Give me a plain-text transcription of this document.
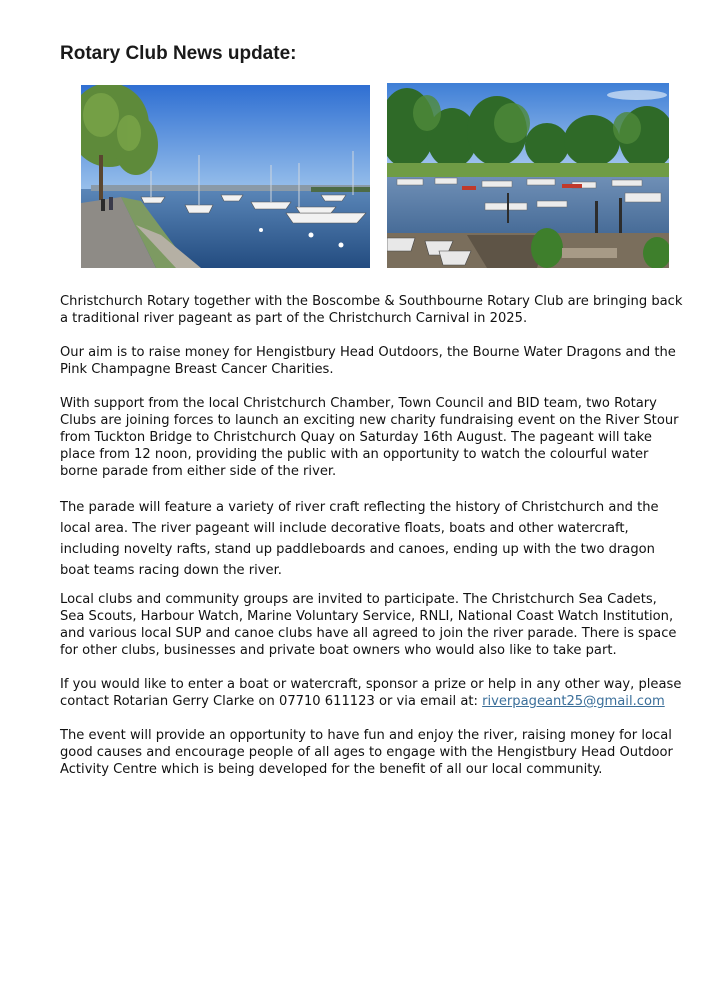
Rotary Club News update:

Christchurch Rotary together with the Boscombe & Southbourne Rotary Club are bringing back a traditional river pageant as part of the Christchurch Carnival in 2025.

Our aim is to raise money for Hengistbury Head Outdoors, the Bourne Water Dragons and the Pink Champagne Breast Cancer Charities.

With support from the local Christchurch Chamber, Town Council and BID team, two Rotary Clubs are joining forces to launch an exciting new charity fundraising event on the River Stour from Tuckton Bridge to Christchurch Quay on Saturday 16th August. The pageant will take place from 12 noon, providing the public with an opportunity to watch the colourful water borne parade from either side of the river.

The parade will feature a variety of river craft reflecting the history of Christchurch and the local area. The river pageant will include decorative floats, boats and other watercraft, including novelty rafts, stand up paddleboards and canoes, ending up with the two dragon boat teams racing down the river.

Local clubs and community groups are invited to participate. The Christchurch Sea Cadets, Sea Scouts, Harbour Watch, Marine Voluntary Service, RNLI, National Coast Watch Institution, and various local SUP and canoe clubs have all agreed to join the river parade. There is space for other clubs, businesses and private boat owners who would also like to take part.

If you would like to enter a boat or watercraft, sponsor a prize or help in any other way, please contact Rotarian Gerry Clarke on 07710 611123 or via email at: riverpageant25@gmail.com

The event will provide an opportunity to have fun and enjoy the river, raising money for local good causes and encourage people of all ages to engage with the Hengistbury Head Outdoor Activity Centre which is being developed for the benefit of all our local community.
